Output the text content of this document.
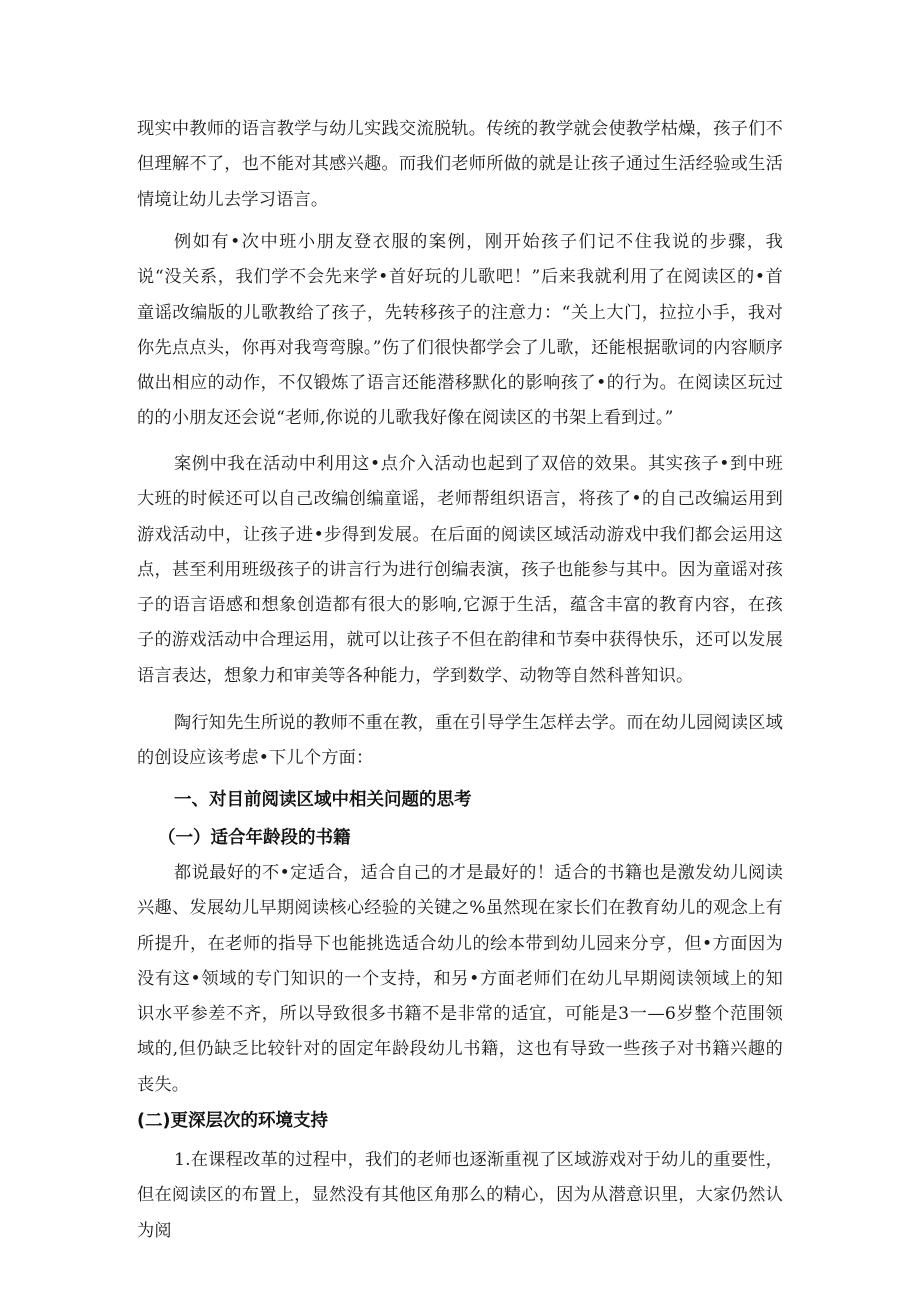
现实中教师的语言教学与幼儿实践交流脱轨。传统的教学就会使教学枯燥，孩子们不但理解不了，也不能对其感兴趣。而我们老师所做的就是让孩子通过生活经验或生活情境让幼儿去学习语言。

例如有•次中班小朋友登衣服的案例，刚开始孩子们记不住我说的步骤，我说“没关系，我们学不会先来学•首好玩的儿歌吧！”后来我就利用了在阅读区的•首童谣改编版的儿歌教给了孩子，先转移孩子的注意力：“关上大门，拉拉小手，我对你先点点头，你再对我弯弯腺。”伤了们很快都学会了儿歌，还能根据歌词的内容顺序做出相应的动作，不仅锻炼了语言还能潜移默化的影响孩了•的行为。在阅读区玩过的的小朋友还会说“老师,你说的儿歌我好像在阅读区的书架上看到过。”

案例中我在活动中利用这•点介入活动也起到了双倍的效果。其实孩子•到中班大班的时候还可以自己改编创编童谣，老师帮组织语言，将孩了•的自己改编运用到游戏活动中，让孩子进•步得到发展。在后面的阅读区域活动游戏中我们都会运用这点，甚至利用班级孩子的讲言行为进行创编表演，孩子也能参与其中。因为童谣对孩子的语言语感和想象创造都有很大的影响,它源于生活，蕴含丰富的教育内容，在孩子的游戏活动中合理运用，就可以让孩子不但在韵律和节奏中获得快乐，还可以发展语言表达，想象力和审美等各种能力，学到数学、动物等自然科普知识。

陶行知先生所说的教师不重在教，重在引导学生怎样去学。而在幼儿园阅读区域的创设应该考虑•下儿个方面：

一、对目前阅读区域中相关问题的思考
（一）适合年龄段的书籍

都说最好的不•定适合，适合自己的才是最好的！适合的书籍也是激发幼儿阅读兴趣、发展幼儿早期阅读核心经验的关键之%虽然现在家长们在教育幼儿的观念上有所提升，在老师的指导下也能挑选适合幼儿的绘本带到幼儿园来分亨，但•方面因为没有这•领域的专门知识的一个支持，和另•方面老师们在幼儿早期阅读领域上的知识水平参差不齐，所以导致很多书籍不是非常的适宜，可能是3一—6岁整个范围领域的,但仍缺乏比较针对的固定年龄段幼儿书籍，这也有导致一些孩子对书籍兴趣的丧失。

(二)更深层次的环境支持

1.在课程改革的过程中，我们的老师也逐渐重视了区域游戏对于幼儿的重要性，但在阅读区的布置上，显然没有其他区角那么的精心，因为从潜意识里，大家仍然认为阅
